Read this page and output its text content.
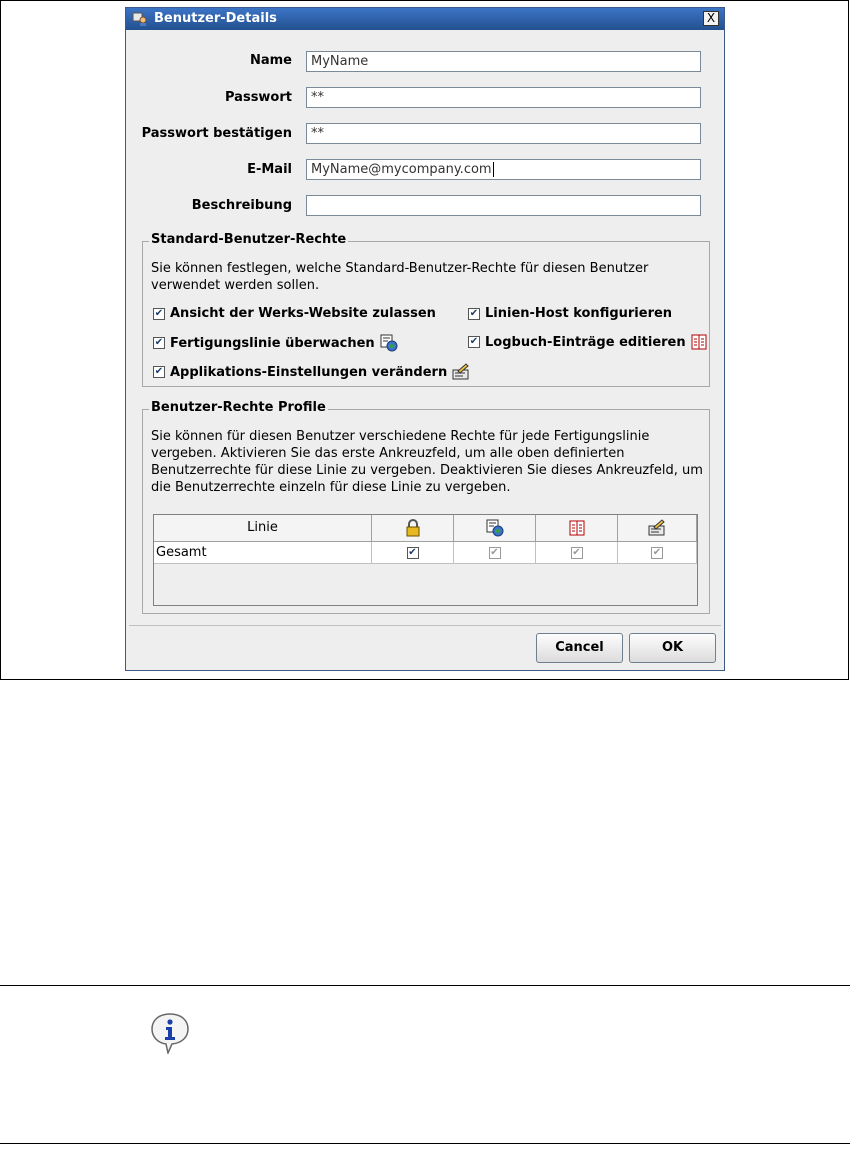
Benutzer-Details	X
Name	MyName
Passwort	**
Passwort bestätigen	**
E-Mail	MyName@mycompany.com
Beschreibung
Standard-Benutzer-Rechte
Sie können festlegen, welche Standard-Benutzer-Rechte für diesen Benutzer verwendet werden sollen.
✔ Ansicht der Werks-Website zulassen	✔ Linien-Host konfigurieren
✔ Fertigungslinie überwachen	✔ Logbuch-Einträge editieren
✔ Applikations-Einstellungen verändern
Benutzer-Rechte Profile
Sie können für diesen Benutzer verschiedene Rechte für jede Fertigungslinie vergeben. Aktivieren Sie das erste Ankreuzfeld, um alle oben definierten Benutzerrechte für diese Linie zu vergeben. Deaktivieren Sie dieses Ankreuzfeld, um die Benutzerrechte einzeln für diese Linie zu vergeben.
Linie
Gesamt	✔	✔	✔	✔
Cancel	OK
